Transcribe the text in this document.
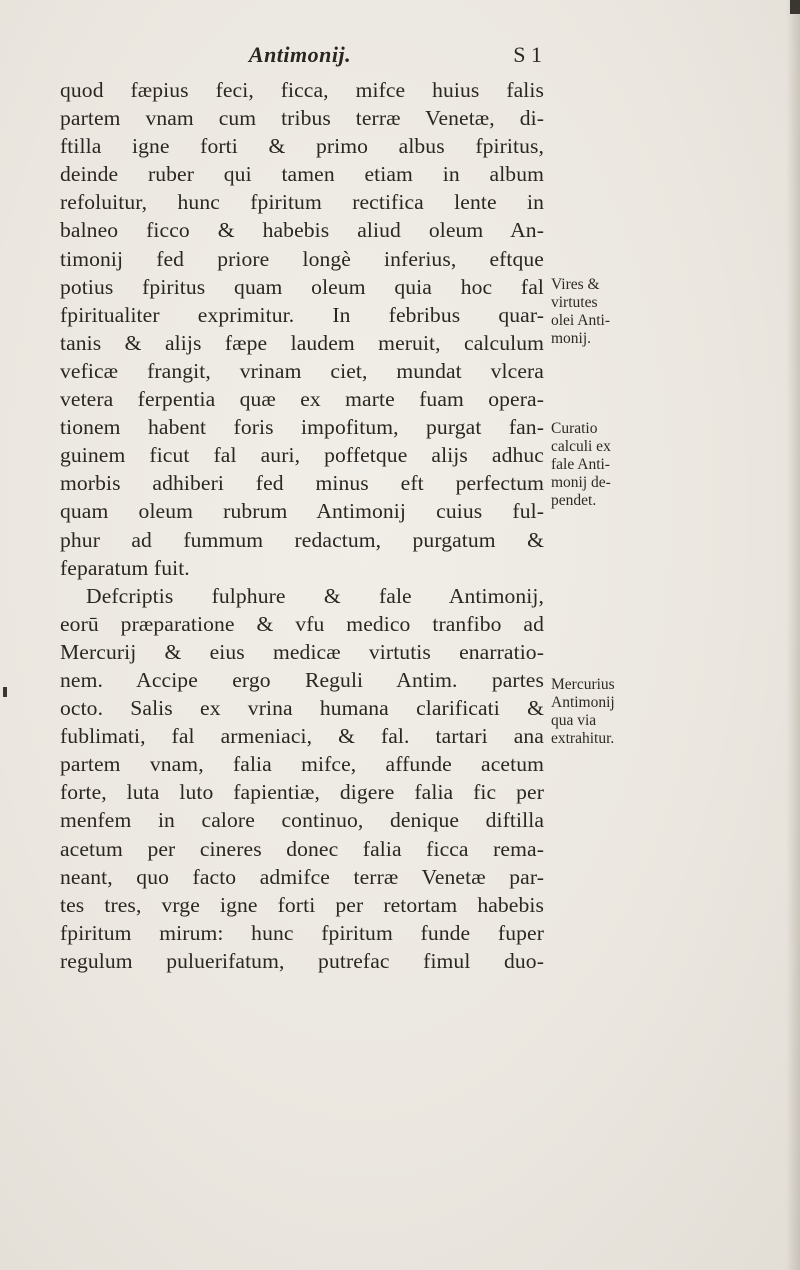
Antimonij.	S 1
quod fæpius feci, ficca, mifce huius falis
partem vnam cum tribus terræ Venetæ, di-
ftilla igne forti & primo albus fpiritus,
deinde ruber qui tamen etiam in album
refoluitur, hunc fpiritum rectifica lente in
balneo ficco & habebis aliud oleum An-
timonij fed priore longè inferius, eftque
potius fpiritus quam oleum quia hoc fal
fpiritualiter exprimitur. In febribus quar-
tanis & alijs fæpe laudem meruit, calculum
veficæ frangit, vrinam ciet, mundat vlcera
vetera ferpentia quæ ex marte fuam opera-
tionem habent foris impofitum, purgat fan-
guinem ficut fal auri, poffetque alijs adhuc
morbis adhiberi fed minus eft perfectum
quam oleum rubrum Antimonij cuius ful-
phur ad fummum redactum, purgatum &
feparatum fuit.
Defcriptis fulphure & fale Antimonij,
eorū præparatione & vfu medico tranfibo ad
Mercurij & eius medicæ virtutis enarratio-
nem. Accipe ergo Reguli Antim. partes
octo. Salis ex vrina humana clarificati &
fublimati, fal armeniaci, & fal. tartari ana
partem vnam, falia mifce, affunde acetum
forte, luta luto fapientiæ, digere falia fic per
menfem in calore continuo, denique diftilla
acetum per cineres donec falia ficca rema-
neant, quo facto admifce terræ Venetæ par-
tes tres, vrge igne forti per retortam habebis
fpiritum mirum: hunc fpiritum funde fuper
regulum puluerifatum, putrefac fimul duo-
Vires &
virtutes
olei Anti-
monij.
Curatio
calculi ex
fale Anti-
monij de-
pendet.
Mercurius
Antimonij
qua via
extrahitur.
